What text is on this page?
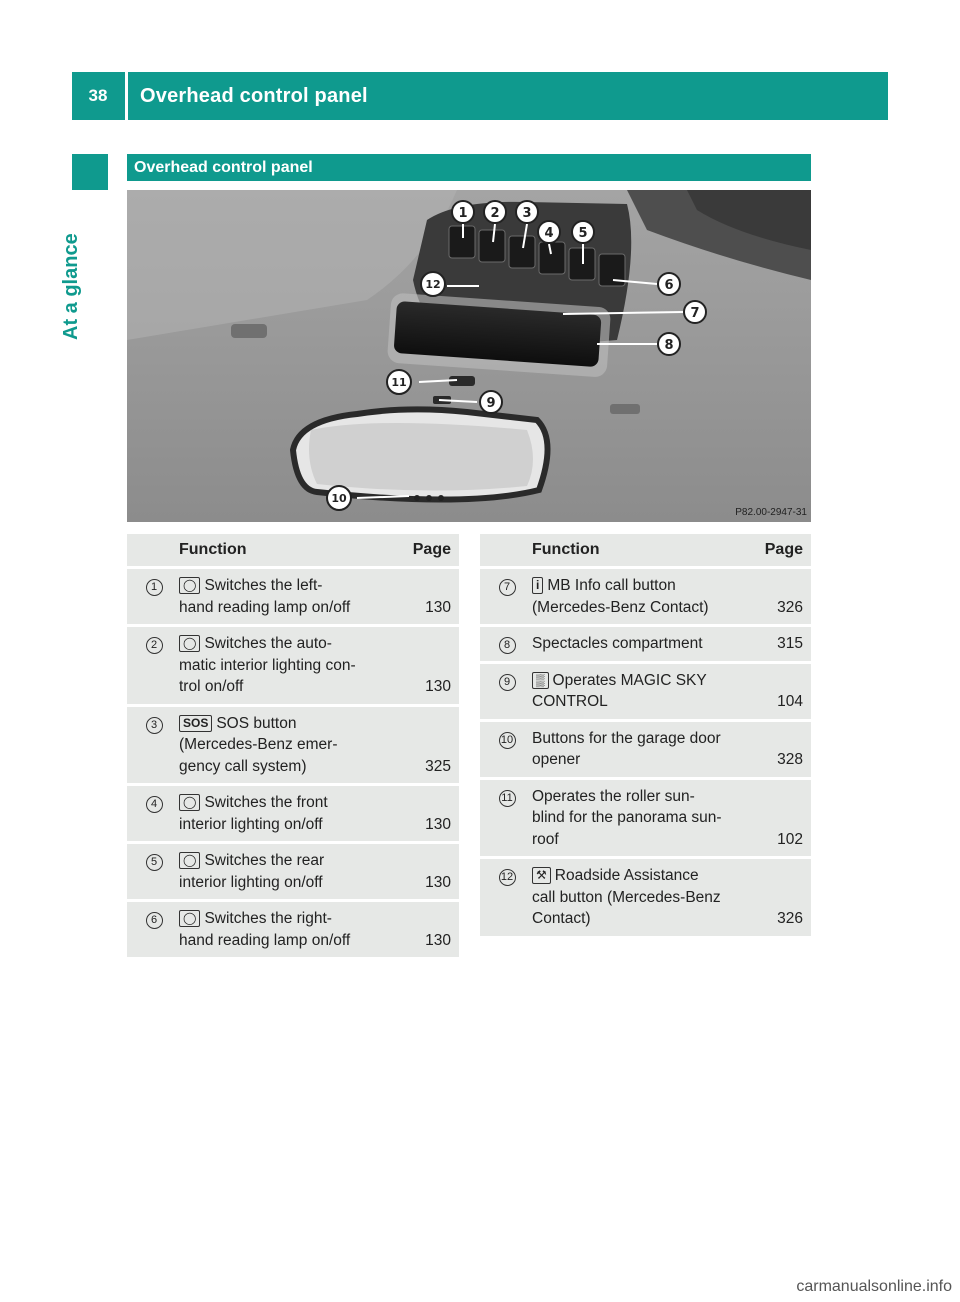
38	Overhead control panel
At a glance
Overhead control panel
1 2 3
4 5
6
7
8
9
10
11
12
P82.00-2947-31
	Function	Page
1	◯ Switches the left-
hand reading lamp on/off	130
2	◯ Switches the auto-
matic interior lighting con-
trol on/off	130
3	SOS SOS button
(Mercedes-Benz emer-
gency call system)	325
4	◯ Switches the front
interior lighting on/off	130
5	◯ Switches the rear
interior lighting on/off	130
6	◯ Switches the right-
hand reading lamp on/off	130
	Function	Page
7	i MB Info call button
(Mercedes-Benz Contact)	326
8	Spectacles compartment	315
9	▒ Operates MAGIC SKY
CONTROL	104
10	Buttons for the garage door
opener	328
11	Operates the roller sun-
blind for the panorama sun-
roof	102
12	⚒ Roadside Assistance
call button (Mercedes-Benz
Contact)	326
carmanualsonline.info
